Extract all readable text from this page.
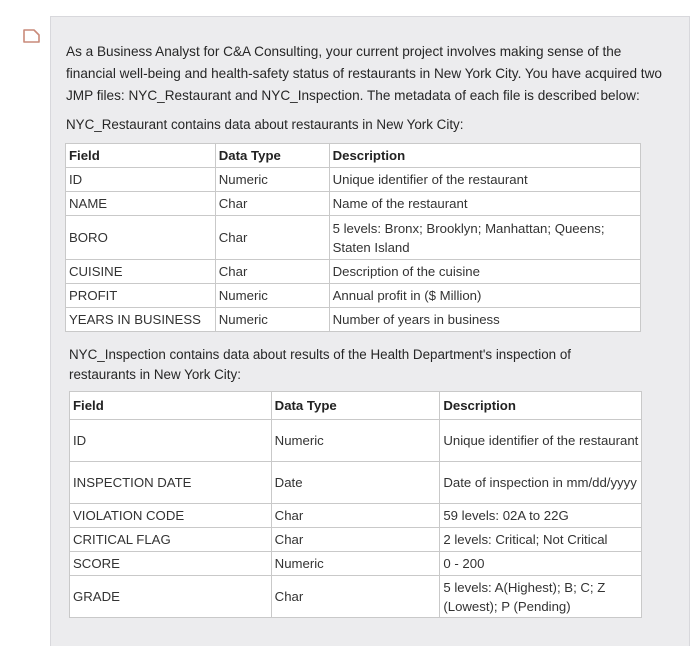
As a Business Analyst for C&A Consulting, your current project involves making sense of the financial well-being and health-safety status of restaurants in New York City. You have acquired two JMP files: NYC_Restaurant and NYC_Inspection. The metadata of each file is described below:

NYC_Restaurant contains data about restaurants in New York City:

Field	Data Type	Description
ID	Numeric	Unique identifier of the restaurant
NAME	Char	Name of the restaurant
BORO	Char	5 levels: Bronx; Brooklyn; Manhattan; Queens; Staten Island
CUISINE	Char	Description of the cuisine
PROFIT	Numeric	Annual profit in ($ Million)
YEARS IN BUSINESS	Numeric	Number of years in business

NYC_Inspection contains data about results of the Health Department's inspection of restaurants in New York City:

Field	Data Type	Description
ID	Numeric	Unique identifier of the restaurant
INSPECTION DATE	Date	Date of inspection in mm/dd/yyyy
VIOLATION CODE	Char	59 levels: 02A to 22G
CRITICAL FLAG	Char	2 levels: Critical; Not Critical
SCORE	Numeric	0 - 200
GRADE	Char	5 levels: A(Highest); B; C; Z (Lowest); P (Pending)
